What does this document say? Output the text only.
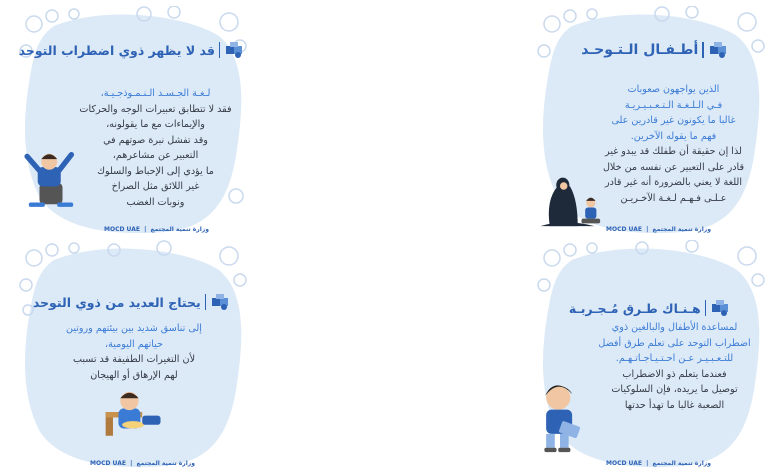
قد لا يظهر ذوي اضطراب التوحد
لـغـة الجـسـد الـنـمـوذجـيـة،
فقد لا تتطابق تعبيرات الوجه والحركات
والإيماءات مع ما يقولونه،
وقد تفشل نبرة صوتهم في
التعبير عن مشاعرهم،
ما يؤدي إلى الإحباط والسلوك
غير اللائق مثل الصراخ
ونوبات الغضب
MOCD UAE  |  وزارة تنمية المجتمع
أطـفـال الـتـوحـد
الذين يواجهون صعوبات
فـي الـلـغـة الـتـعـبـيـريـة
غالبا ما يكونون غير قادرين على
فهم ما يقوله الآخرين.
لذا إن حقيقة أن طفلك قد يبدو غير
قادر على التعبير عن نفسه من خلال
اللغة لا يعني بالضرورة أنه غير قادر
عـلـى فـهـم لـغـة الآخـريـن
MOCD UAE  |  وزارة تنمية المجتمع
يحتاج العديد من ذوي التوحد
إلى تناسق شديد بين بيئتهم وروتين
حياتهم اليومية،
لأن التغيرات الطفيفة قد تسبب
لهم الإرهاق أو الهيجان
MOCD UAE  |  وزارة تنمية المجتمع
هـنـاك طـرق مُـجـربـة
لمساعدة الأطفال والبالغين ذوي
اضطراب التوحد على تعلم طرق أفضل
للتـعـبـيـر عـن احـتـيـاجـاتـهـم.
فعندما يتعلم ذو الاضطراب
توصيل ما يريده، فإن السلوكيات
الصعبة غالبا ما تهدأ حدتها
MOCD UAE  |  وزارة تنمية المجتمع
